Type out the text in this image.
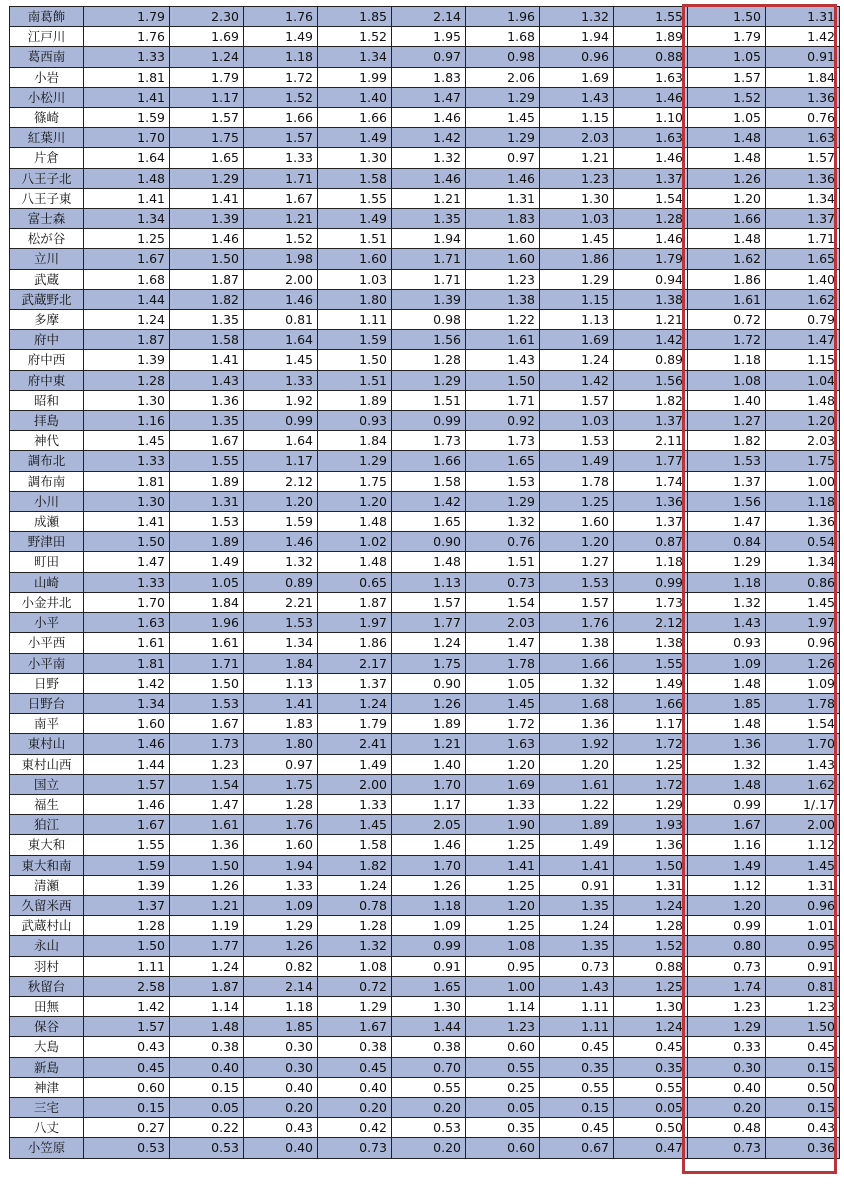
南葛飾	1.79	2.30	1.76	1.85	2.14	1.96	1.32	1.55	1.50	1.31
江戸川	1.76	1.69	1.49	1.52	1.95	1.68	1.94	1.89	1.79	1.42
葛西南	1.33	1.24	1.18	1.34	0.97	0.98	0.96	0.88	1.05	0.91
小岩	1.81	1.79	1.72	1.99	1.83	2.06	1.69	1.63	1.57	1.84
小松川	1.41	1.17	1.52	1.40	1.47	1.29	1.43	1.46	1.52	1.36
篠崎	1.59	1.57	1.66	1.66	1.46	1.45	1.15	1.10	1.05	0.76
紅葉川	1.70	1.75	1.57	1.49	1.42	1.29	2.03	1.63	1.48	1.63
片倉	1.64	1.65	1.33	1.30	1.32	0.97	1.21	1.46	1.48	1.57
八王子北	1.48	1.29	1.71	1.58	1.46	1.46	1.23	1.37	1.26	1.36
八王子東	1.41	1.41	1.67	1.55	1.21	1.31	1.30	1.54	1.20	1.34
富士森	1.34	1.39	1.21	1.49	1.35	1.83	1.03	1.28	1.66	1.37
松が谷	1.25	1.46	1.52	1.51	1.94	1.60	1.45	1.46	1.48	1.71
立川	1.67	1.50	1.98	1.60	1.71	1.60	1.86	1.79	1.62	1.65
武蔵	1.68	1.87	2.00	1.03	1.71	1.23	1.29	0.94	1.86	1.40
武蔵野北	1.44	1.82	1.46	1.80	1.39	1.38	1.15	1.38	1.61	1.62
多摩	1.24	1.35	0.81	1.11	0.98	1.22	1.13	1.21	0.72	0.79
府中	1.87	1.58	1.64	1.59	1.56	1.61	1.69	1.42	1.72	1.47
府中西	1.39	1.41	1.45	1.50	1.28	1.43	1.24	0.89	1.18	1.15
府中東	1.28	1.43	1.33	1.51	1.29	1.50	1.42	1.56	1.08	1.04
昭和	1.30	1.36	1.92	1.89	1.51	1.71	1.57	1.82	1.40	1.48
拝島	1.16	1.35	0.99	0.93	0.99	0.92	1.03	1.37	1.27	1.20
神代	1.45	1.67	1.64	1.84	1.73	1.73	1.53	2.11	1.82	2.03
調布北	1.33	1.55	1.17	1.29	1.66	1.65	1.49	1.77	1.53	1.75
調布南	1.81	1.89	2.12	1.75	1.58	1.53	1.78	1.74	1.37	1.00
小川	1.30	1.31	1.20	1.20	1.42	1.29	1.25	1.36	1.56	1.18
成瀬	1.41	1.53	1.59	1.48	1.65	1.32	1.60	1.37	1.47	1.36
野津田	1.50	1.89	1.46	1.02	0.90	0.76	1.20	0.87	0.84	0.54
町田	1.47	1.49	1.32	1.48	1.48	1.51	1.27	1.18	1.29	1.34
山崎	1.33	1.05	0.89	0.65	1.13	0.73	1.53	0.99	1.18	0.86
小金井北	1.70	1.84	2.21	1.87	1.57	1.54	1.57	1.73	1.32	1.45
小平	1.63	1.96	1.53	1.97	1.77	2.03	1.76	2.12	1.43	1.97
小平西	1.61	1.61	1.34	1.86	1.24	1.47	1.38	1.38	0.93	0.96
小平南	1.81	1.71	1.84	2.17	1.75	1.78	1.66	1.55	1.09	1.26
日野	1.42	1.50	1.13	1.37	0.90	1.05	1.32	1.49	1.48	1.09
日野台	1.34	1.53	1.41	1.24	1.26	1.45	1.68	1.66	1.85	1.78
南平	1.60	1.67	1.83	1.79	1.89	1.72	1.36	1.17	1.48	1.54
東村山	1.46	1.73	1.80	2.41	1.21	1.63	1.92	1.72	1.36	1.70
東村山西	1.44	1.23	0.97	1.49	1.40	1.20	1.20	1.25	1.32	1.43
国立	1.57	1.54	1.75	2.00	1.70	1.69	1.61	1.72	1.48	1.62
福生	1.46	1.47	1.28	1.33	1.17	1.33	1.22	1.29	0.99	1/.17
狛江	1.67	1.61	1.76	1.45	2.05	1.90	1.89	1.93	1.67	2.00
東大和	1.55	1.36	1.60	1.58	1.46	1.25	1.49	1.36	1.16	1.12
東大和南	1.59	1.50	1.94	1.82	1.70	1.41	1.41	1.50	1.49	1.45
清瀬	1.39	1.26	1.33	1.24	1.26	1.25	0.91	1.31	1.12	1.31
久留米西	1.37	1.21	1.09	0.78	1.18	1.20	1.35	1.24	1.20	0.96
武蔵村山	1.28	1.19	1.29	1.28	1.09	1.25	1.24	1.28	0.99	1.01
永山	1.50	1.77	1.26	1.32	0.99	1.08	1.35	1.52	0.80	0.95
羽村	1.11	1.24	0.82	1.08	0.91	0.95	0.73	0.88	0.73	0.91
秋留台	2.58	1.87	2.14	0.72	1.65	1.00	1.43	1.25	1.74	0.81
田無	1.42	1.14	1.18	1.29	1.30	1.14	1.11	1.30	1.23	1.23
保谷	1.57	1.48	1.85	1.67	1.44	1.23	1.11	1.24	1.29	1.50
大島	0.43	0.38	0.30	0.38	0.38	0.60	0.45	0.45	0.33	0.45
新島	0.45	0.40	0.30	0.45	0.70	0.55	0.35	0.35	0.30	0.15
神津	0.60	0.15	0.40	0.40	0.55	0.25	0.55	0.55	0.40	0.50
三宅	0.15	0.05	0.20	0.20	0.20	0.05	0.15	0.05	0.20	0.15
八丈	0.27	0.22	0.43	0.42	0.53	0.35	0.45	0.50	0.48	0.43
小笠原	0.53	0.53	0.40	0.73	0.20	0.60	0.67	0.47	0.73	0.36
